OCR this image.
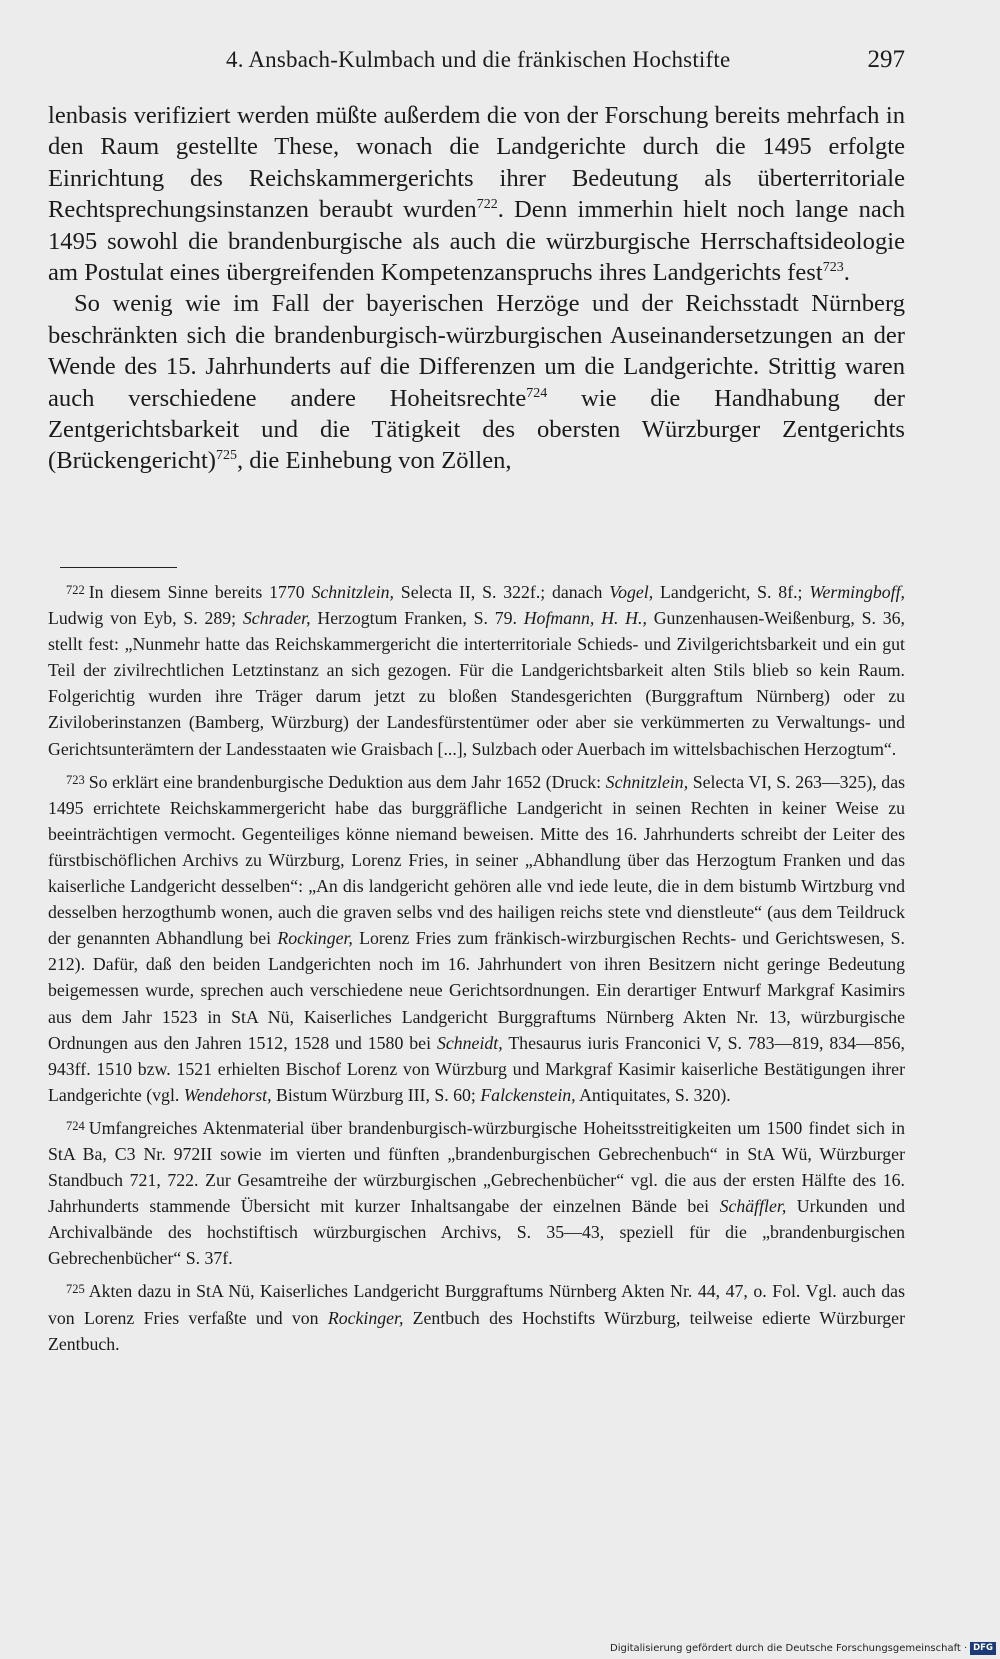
4. Ansbach-Kulmbach und die fränkischen Hochstifte	297

lenbasis verifiziert werden müßte außerdem die von der Forschung bereits mehrfach in den Raum gestellte These, wonach die Landgerichte durch die 1495 erfolgte Einrichtung des Reichskammergerichts ihrer Bedeutung als überterritoriale Rechtsprechungsinstanzen beraubt wurden$^{722}$. Denn immerhin hielt noch lange nach 1495 sowohl die brandenburgische als auch die würzburgische Herrschaftsideologie am Postulat eines übergreifenden Kompetenzanspruchs ihres Landgerichts fest$^{723}$.

So wenig wie im Fall der bayerischen Herzöge und der Reichsstadt Nürnberg beschränkten sich die brandenburgisch-würzburgischen Auseinandersetzungen an der Wende des 15. Jahrhunderts auf die Differenzen um die Landgerichte. Strittig waren auch verschiedene andere Hoheitsrechte$^{724}$ wie die Handhabung der Zentgerichtsbarkeit und die Tätigkeit des obersten Würzburger Zentgerichts (Brückengericht)$^{725}$, die Einhebung von Zöllen,

$^{722}$ In diesem Sinne bereits 1770 Schnitzlein, Selecta II, S. 322f.; danach Vogel, Landgericht, S. 8f.; Wermingboff, Ludwig von Eyb, S. 289; Schrader, Herzogtum Franken, S. 79. Hofmann, H. H., Gunzenhausen-Weißenburg, S. 36, stellt fest: „Nunmehr hatte das Reichskammergericht die interterritoriale Schieds- und Zivilgerichtsbarkeit und ein gut Teil der zivilrechtlichen Letztinstanz an sich gezogen. Für die Landgerichtsbarkeit alten Stils blieb so kein Raum. Folgerichtig wurden ihre Träger darum jetzt zu bloßen Standesgerichten (Burggraftum Nürnberg) oder zu Ziviloberinstanzen (Bamberg, Würzburg) der Landesfürstentümer oder aber sie verkümmerten zu Verwaltungs- und Gerichtsunterämtern der Landesstaaten wie Graisbach [...], Sulzbach oder Auerbach im wittelsbachischen Herzogtum“.

$^{723}$ So erklärt eine brandenburgische Deduktion aus dem Jahr 1652 (Druck: Schnitzlein, Selecta VI, S. 263—325), das 1495 errichtete Reichskammergericht habe das burggräfliche Landgericht in seinen Rechten in keiner Weise zu beeinträchtigen vermocht. Gegenteiliges könne niemand beweisen. Mitte des 16. Jahrhunderts schreibt der Leiter des fürstbischöflichen Archivs zu Würzburg, Lorenz Fries, in seiner „Abhandlung über das Herzogtum Franken und das kaiserliche Landgericht desselben“: „An dis landgericht gehören alle vnd iede leute, die in dem bistumb Wirtzburg vnd desselben herzogthumb wonen, auch die graven selbs vnd des hailigen reichs stete vnd dienstleute“ (aus dem Teildruck der genannten Abhandlung bei Rockinger, Lorenz Fries zum fränkisch-wirzburgischen Rechts- und Gerichtswesen, S. 212). Dafür, daß den beiden Landgerichten noch im 16. Jahrhundert von ihren Besitzern nicht geringe Bedeutung beigemessen wurde, sprechen auch verschiedene neue Gerichtsordnungen. Ein derartiger Entwurf Markgraf Kasimirs aus dem Jahr 1523 in StA Nü, Kaiserliches Landgericht Burggraftums Nürnberg Akten Nr. 13, würzburgische Ordnungen aus den Jahren 1512, 1528 und 1580 bei Schneidt, Thesaurus iuris Franconici V, S. 783—819, 834—856, 943ff. 1510 bzw. 1521 erhielten Bischof Lorenz von Würzburg und Markgraf Kasimir kaiserliche Bestätigungen ihrer Landgerichte (vgl. Wendehorst, Bistum Würzburg III, S. 60; Falckenstein, Antiquitates, S. 320).

$^{724}$ Umfangreiches Aktenmaterial über brandenburgisch-würzburgische Hoheitsstreitigkeiten um 1500 findet sich in StA Ba, C3 Nr. 972II sowie im vierten und fünften „brandenburgischen Gebrechenbuch“ in StA Wü, Würzburger Standbuch 721, 722. Zur Gesamtreihe der würzburgischen „Gebrechenbücher“ vgl. die aus der ersten Hälfte des 16. Jahrhunderts stammende Übersicht mit kurzer Inhaltsangabe der einzelnen Bände bei Schäffler, Urkunden und Archivalbände des hochstiftisch würzburgischen Archivs, S. 35—43, speziell für die „brandenburgischen Gebrechenbücher“ S. 37f.

$^{725}$ Akten dazu in StA Nü, Kaiserliches Landgericht Burggraftums Nürnberg Akten Nr. 44, 47, o. Fol. Vgl. auch das von Lorenz Fries verfaßte und von Rockinger, Zentbuch des Hochstifts Würzburg, teilweise edierte Würzburger Zentbuch.

Digitalisierung gefördert durch die Deutsche Forschungsgemeinschaft · DFG
